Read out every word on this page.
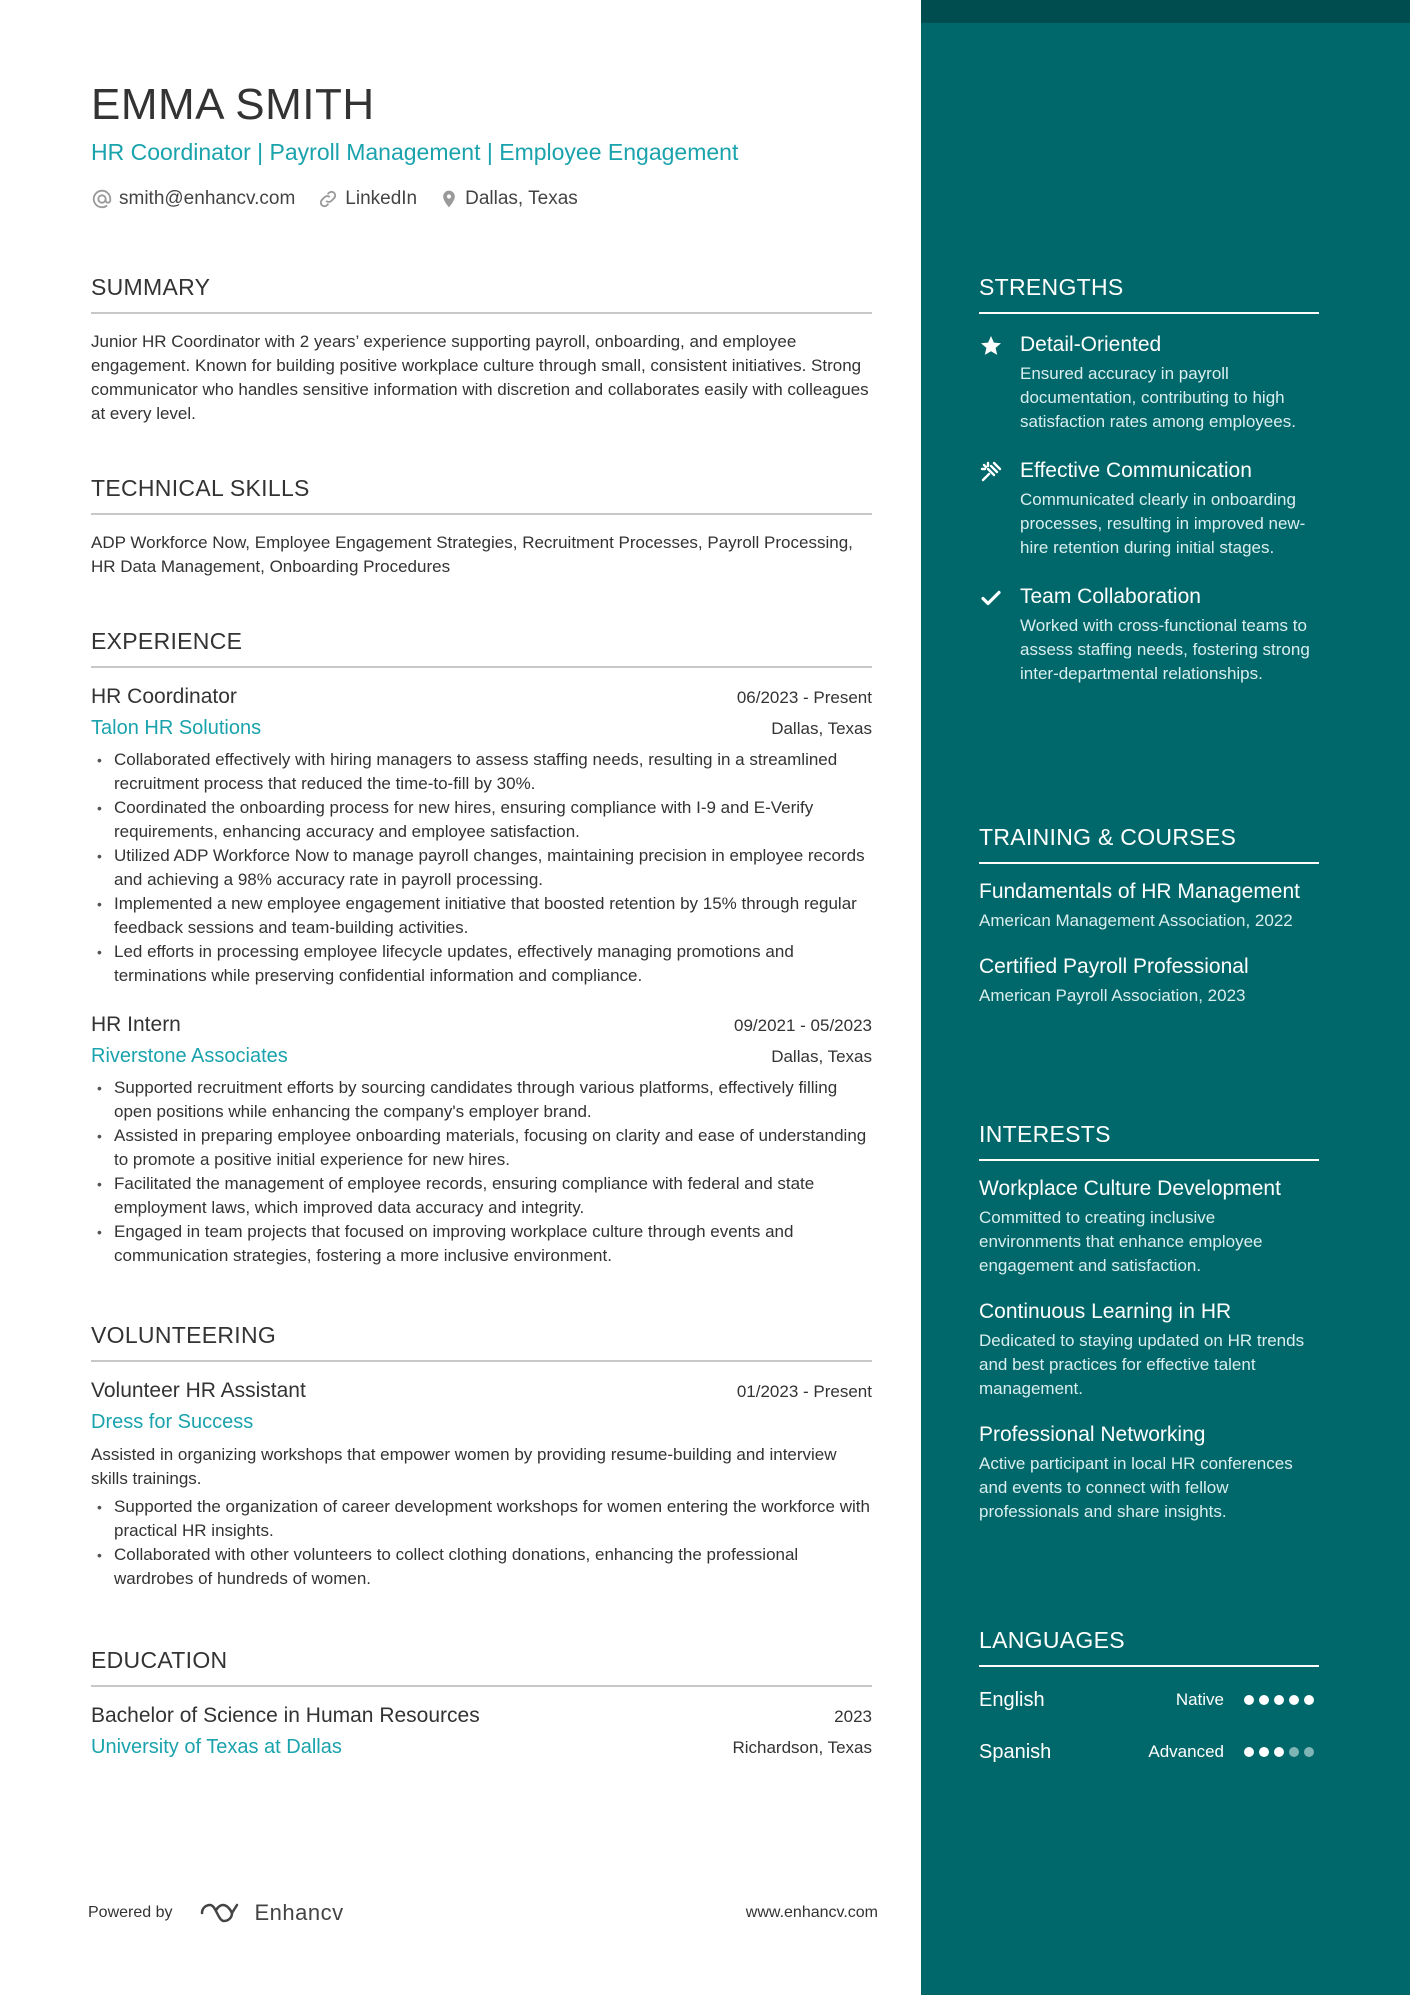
EMMA SMITH
HR Coordinator | Payroll Management | Employee Engagement
smith@enhancv.com	LinkedIn	Dallas, Texas
SUMMARY
Junior HR Coordinator with 2 years’ experience supporting payroll, onboarding, and employee engagement. Known for building positive workplace culture through small, consistent initiatives. Strong communicator who handles sensitive information with discretion and collaborates easily with colleagues at every level.
TECHNICAL SKILLS
ADP Workforce Now, Employee Engagement Strategies, Recruitment Processes, Payroll Processing, HR Data Management, Onboarding Procedures
EXPERIENCE
HR Coordinator	06/2023 - Present
Talon HR Solutions	Dallas, Texas
• Collaborated effectively with hiring managers to assess staffing needs, resulting in a streamlined recruitment process that reduced the time-to-fill by 30%.
• Coordinated the onboarding process for new hires, ensuring compliance with I-9 and E-Verify requirements, enhancing accuracy and employee satisfaction.
• Utilized ADP Workforce Now to manage payroll changes, maintaining precision in employee records and achieving a 98% accuracy rate in payroll processing.
• Implemented a new employee engagement initiative that boosted retention by 15% through regular feedback sessions and team-building activities.
• Led efforts in processing employee lifecycle updates, effectively managing promotions and terminations while preserving confidential information and compliance.
HR Intern	09/2021 - 05/2023
Riverstone Associates	Dallas, Texas
• Supported recruitment efforts by sourcing candidates through various platforms, effectively filling open positions while enhancing the company's employer brand.
• Assisted in preparing employee onboarding materials, focusing on clarity and ease of understanding to promote a positive initial experience for new hires.
• Facilitated the management of employee records, ensuring compliance with federal and state employment laws, which improved data accuracy and integrity.
• Engaged in team projects that focused on improving workplace culture through events and communication strategies, fostering a more inclusive environment.
VOLUNTEERING
Volunteer HR Assistant	01/2023 - Present
Dress for Success
Assisted in organizing workshops that empower women by providing resume-building and interview skills trainings.
• Supported the organization of career development workshops for women entering the workforce with practical HR insights.
• Collaborated with other volunteers to collect clothing donations, enhancing the professional wardrobes of hundreds of women.
EDUCATION
Bachelor of Science in Human Resources	2023
University of Texas at Dallas	Richardson, Texas
Powered by	Enhancv	www.enhancv.com
STRENGTHS
Detail-Oriented
Ensured accuracy in payroll documentation, contributing to high satisfaction rates among employees.
Effective Communication
Communicated clearly in onboarding processes, resulting in improved new-hire retention during initial stages.
Team Collaboration
Worked with cross-functional teams to assess staffing needs, fostering strong inter-departmental relationships.
TRAINING & COURSES
Fundamentals of HR Management
American Management Association, 2022
Certified Payroll Professional
American Payroll Association, 2023
INTERESTS
Workplace Culture Development
Committed to creating inclusive environments that enhance employee engagement and satisfaction.
Continuous Learning in HR
Dedicated to staying updated on HR trends and best practices for effective talent management.
Professional Networking
Active participant in local HR conferences and events to connect with fellow professionals and share insights.
LANGUAGES
English	Native
Spanish	Advanced
